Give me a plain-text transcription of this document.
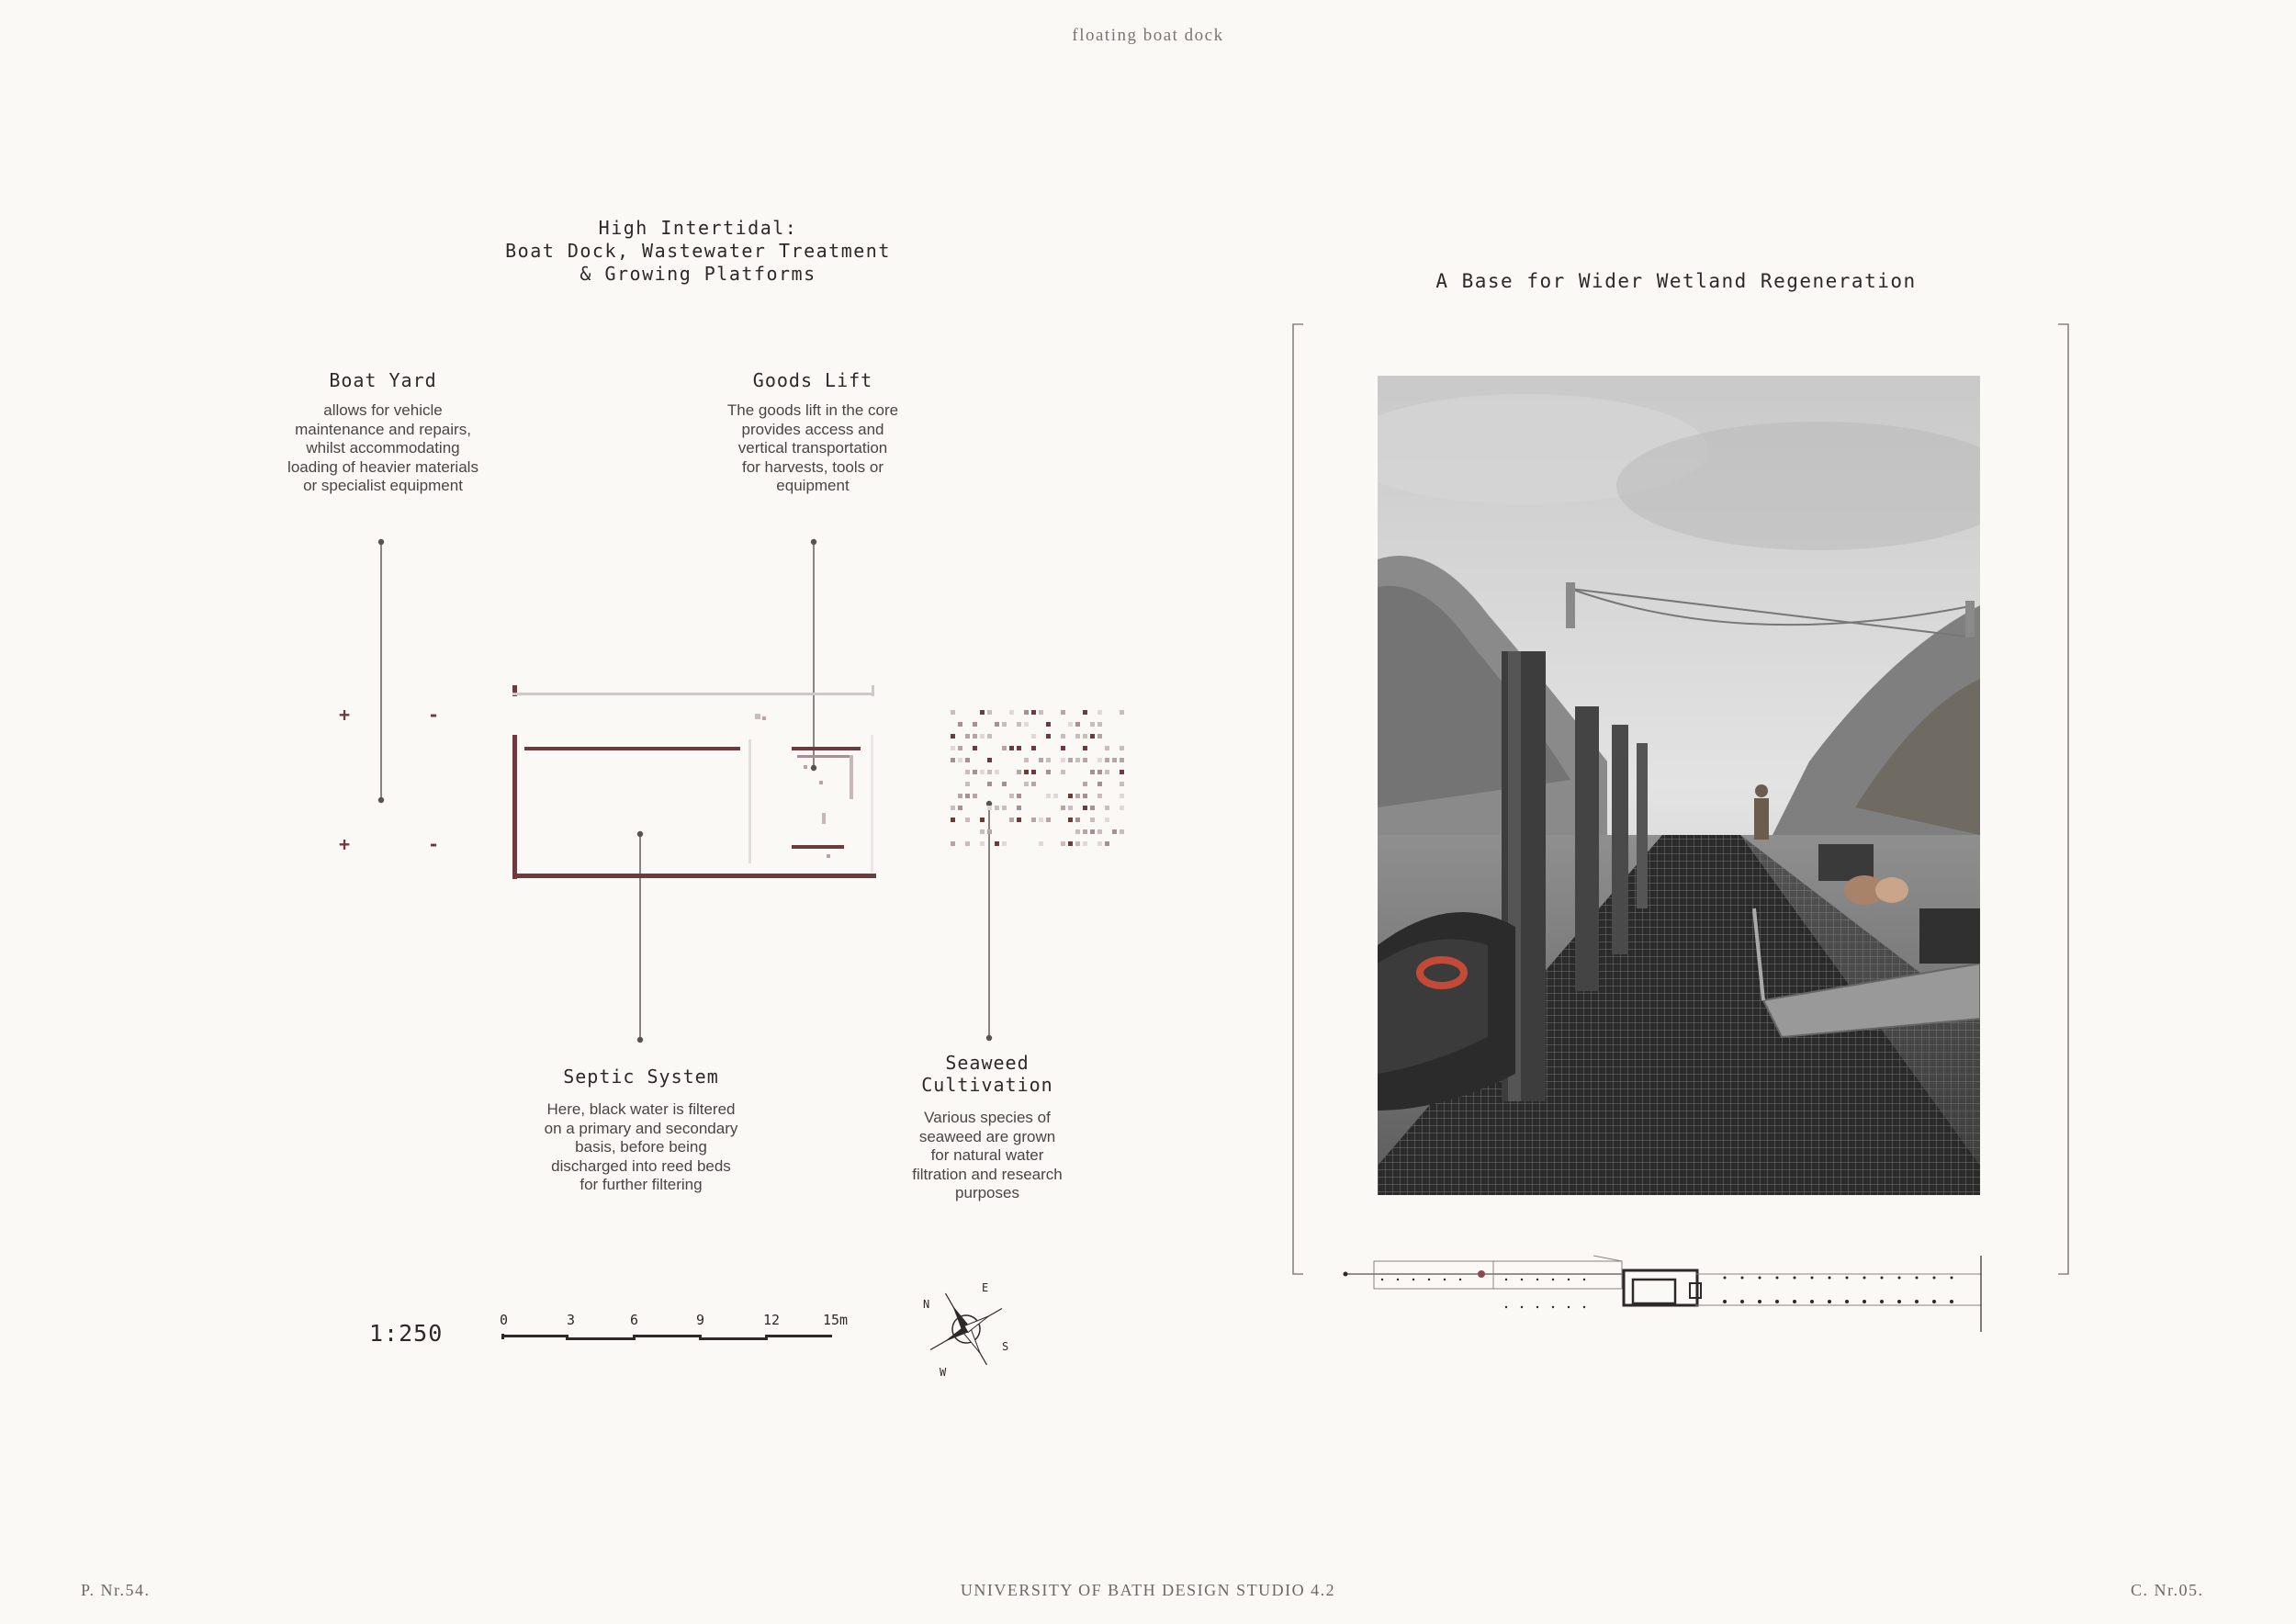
floating boat dock
High Intertidal:
Boat Dock, Wastewater Treatment
& Growing Platforms
Boat Yard
allows for vehicle
maintenance and repairs,
whilst accommodating
loading of heavier materials
or specialist equipment
Goods Lift
The goods lift in the core
provides access and
vertical transportation
for harvests, tools or
equipment
Septic System
Here, black water is filtered
on a primary and secondary
basis, before being
discharged into reed beds
for further filtering
Seaweed
Cultivation
Various species of
seaweed are grown
for natural water
filtration and research
purposes
+	-
+	-
1:250	0	3	6	9	12	15m
N
E
S
W
A Base for Wider Wetland Regeneration
P. Nr.54.	UNIVERSITY OF BATH DESIGN STUDIO 4.2	C. Nr.05.
